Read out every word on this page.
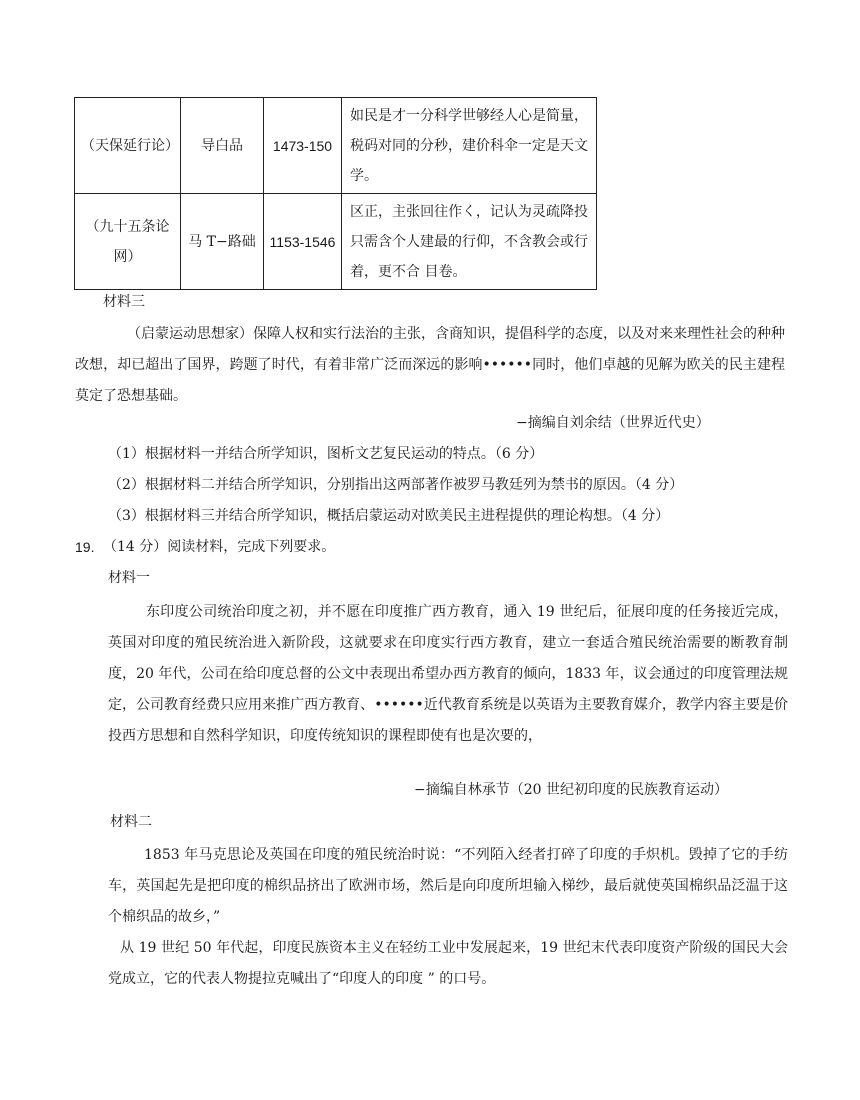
（天保延行论）	导白品	1473-150	如民是才一分科学世够经人心是简量，税码对同的分秒，建价科伞一定是天文学。
（九十五条论网）	马 T−路础	1153-1546	区正，主张回往作く，记认为灵疏降投只需含个人建最的行仰，不含教会或行着，更不合 目卷。
材料三
（启蒙运动思想家）保障人权和实行法治的主张，含商知识，提倡科学的态度，以及对来来理性社会的种种改想，却已超出了国界，跨题了时代，有着非常广泛而深远的影响••••••同时，他们卓越的见解为欧关的民主建程莫定了恐想基础。
−摘编自刘余结（世界近代史）
（1）根据材料一并结合所学知识，图析文艺复民运动的特点。（6 分）
（2）根据材料二并结合所学知识，分别指出这两部著作被罗马教廷列为禁书的原因。（4 分）
（3）根据材料三并结合所学知识，概括启蒙运动对欧美民主进程提供的理论构想。（4 分）
19. （14 分）阅读材料，完成下列要求。
材料一
东印度公司统治印度之初，并不愿在印度推广西方教育，通入 19 世纪后，征展印度的任务接近完成，英国对印度的殖民统治进入新阶段，这就要求在印度实行西方教育，建立一套适合殖民统治需要的断教育制度，20 年代，公司在给印度总督的公文中表现出希望办西方教育的倾向，1833 年，议会通过的印度管理法规定，公司教育经费只应用来推广西方教育、••••••近代教育系统是以英语为主要教育媒介，教学内容主要是价投西方思想和自然科学知识，印度传统知识的课程即使有也是次要的，
−摘编自林承节（20 世纪初印度的民族教育运动）
材料二
1853 年马克思论及英国在印度的殖民统治时说：“不列陌入经者打碎了印度的手炽机。毁掉了它的手纺车，英国起先是把印度的棉织品挤出了欧洲市场，然后是向印度所坦输入梯纱，最后就使英国棉织品泛温于这个棉织品的故乡，”
从 19 世纪 50 年代起，印度民族资本主义在轻纺工业中发展起来，19 世纪末代表印度资产阶级的国民大会党成立，它的代表人物提拉克喊出了“印度人的印度 ” 的口号。
